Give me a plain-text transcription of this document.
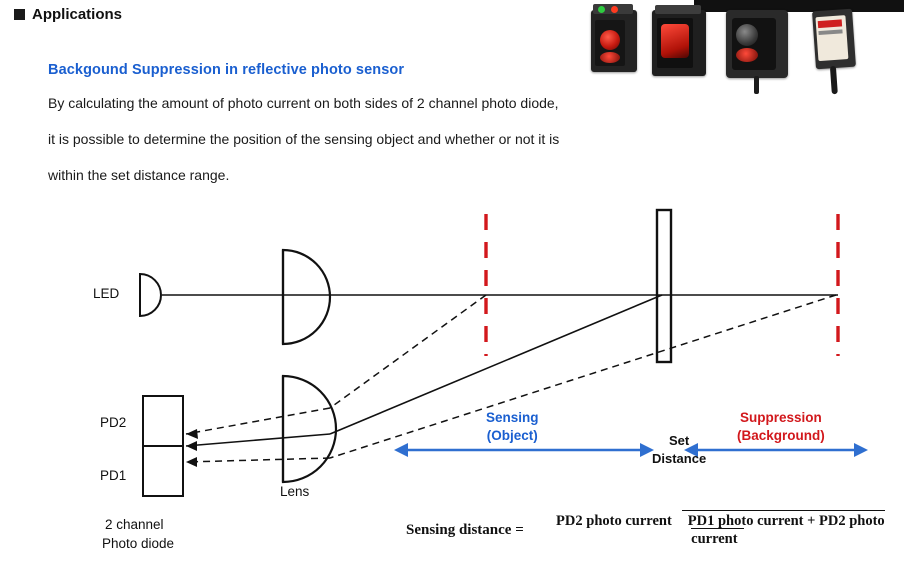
Applications
Backgound Suppression in reflective photo sensor
By calculating the amount of photo current on both sides of 2 channel photo diode,
it is possible to determine the position of the sensing object and whether or not it is
within the set distance range.
LED
PD2
PD1
Lens
2 channel
Photo diode
Sensing
(Object)	Set
Distance
Suppression
(Background)
Sensing distance =
PD2 photo current PD1 photo current + PD2 photo current
